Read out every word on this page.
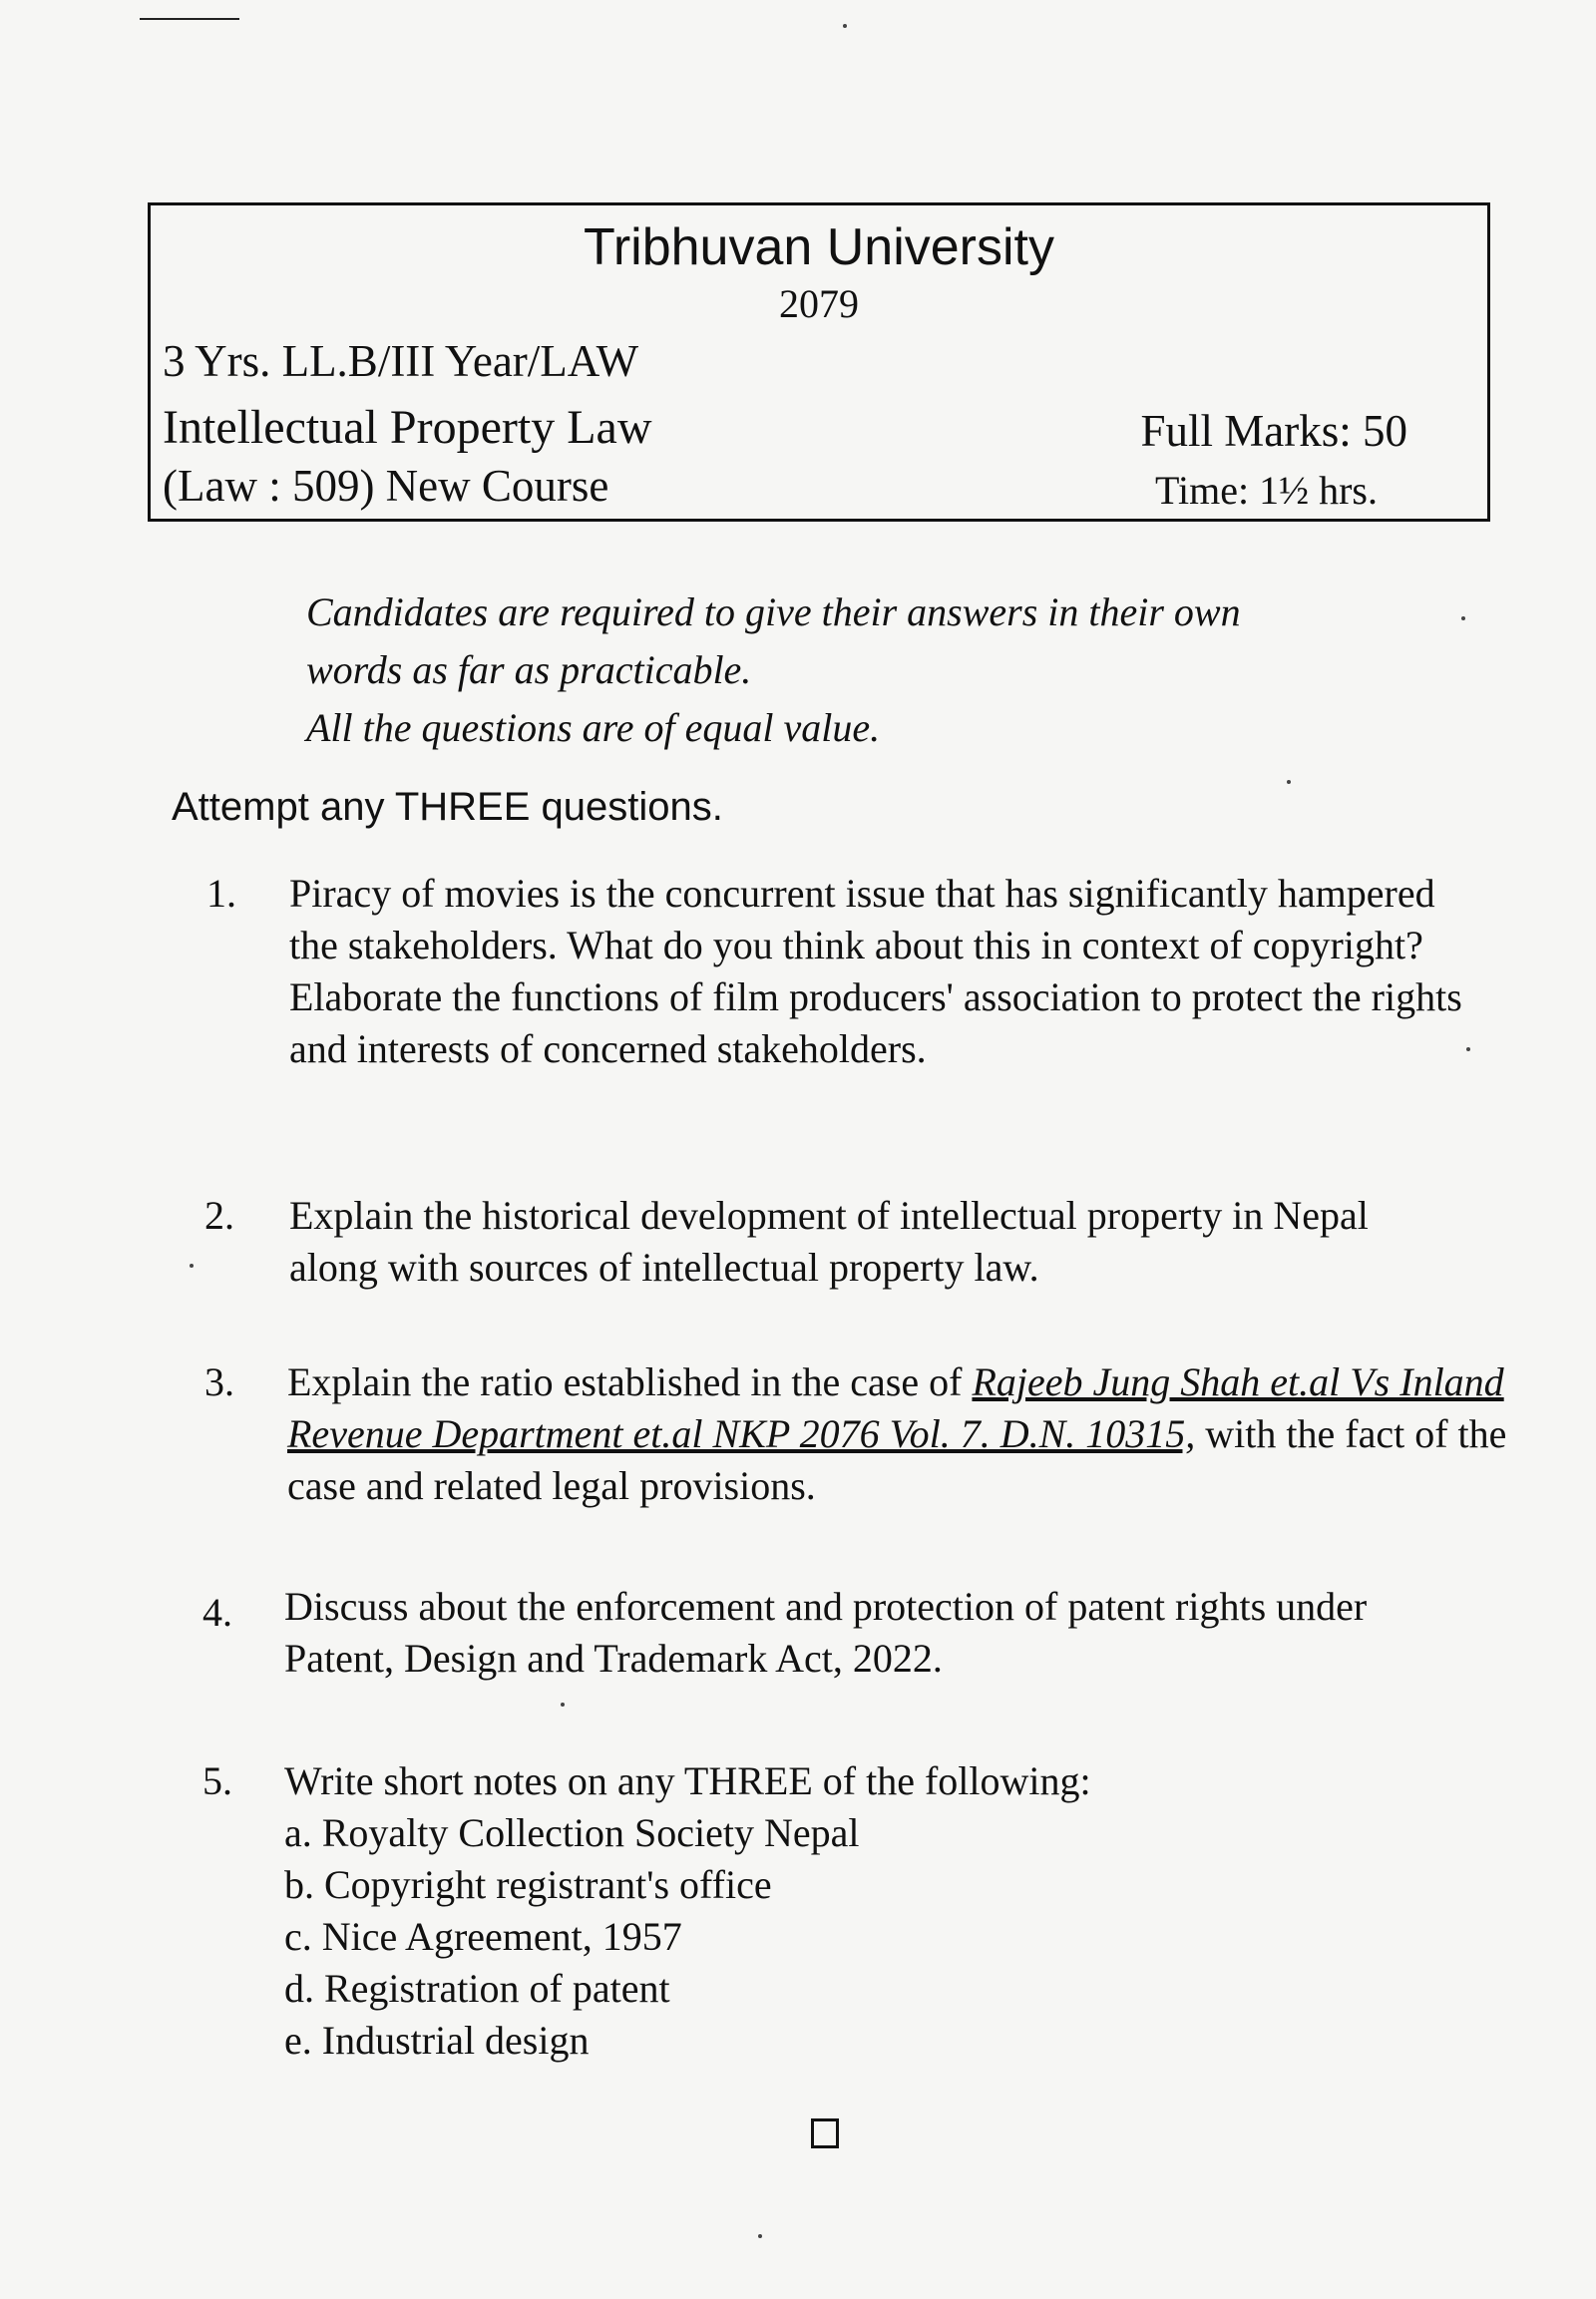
Tribhuvan University
2079
3 Yrs. LL.B/III Year/LAW
Intellectual Property Law
(Law : 509) New Course
Full Marks: 50
Time: 1½ hrs.
Candidates are required to give their answers in their own
words as far as practicable.
All the questions are of equal value.
Attempt any THREE questions.
1.	Piracy of movies is the concurrent issue that has significantly hampered the stakeholders. What do you think about this in context of copyright? Elaborate the functions of film producers' association to protect the rights and interests of concerned stakeholders.
2.	Explain the historical development of intellectual property in Nepal along with sources of intellectual property law.
3.	Explain the ratio established in the case of Rajeeb Jung Shah et.al Vs Inland Revenue Department et.al NKP 2076 Vol. 7. D.N. 10315, with the fact of the case and related legal provisions.
4.	Discuss about the enforcement and protection of patent rights under Patent, Design and Trademark Act, 2022.
5.	Write short notes on any THREE of the following:
a. Royalty Collection Society Nepal
b. Copyright registrant's office
c. Nice Agreement, 1957
d. Registration of patent
e. Industrial design
